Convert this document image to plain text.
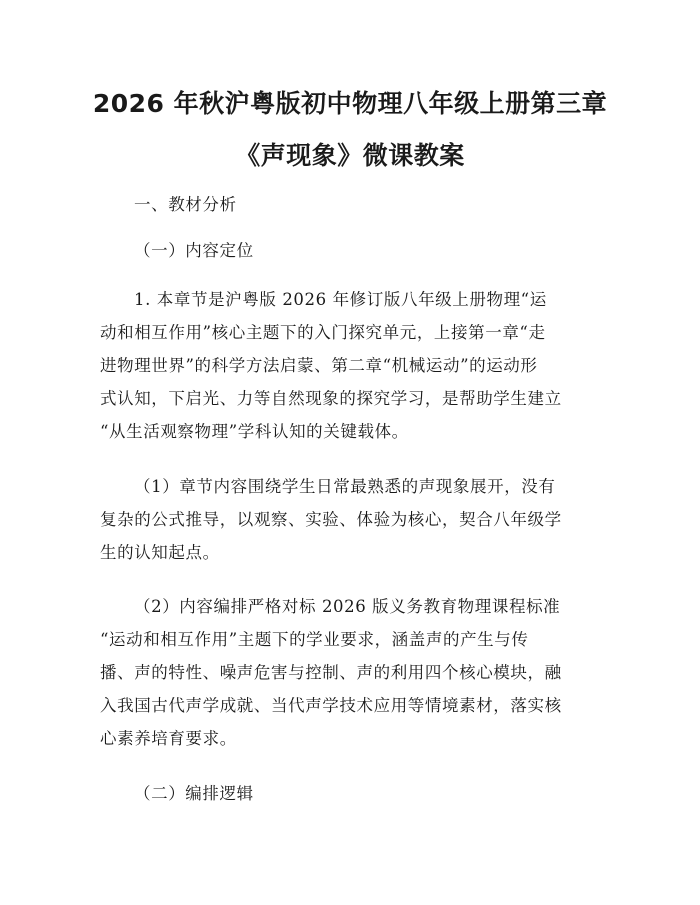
2026 年秋沪粤版初中物理八年级上册第三章
《声现象》微课教案
一、教材分析
（一）内容定位
1. 本章节是沪粤版 2026 年修订版八年级上册物理“运
动和相互作用”核心主题下的入门探究单元，上接第一章“走
进物理世界”的科学方法启蒙、第二章“机械运动”的运动形
式认知，下启光、力等自然现象的探究学习，是帮助学生建立
“从生活观察物理”学科认知的关键载体。
（1）章节内容围绕学生日常最熟悉的声现象展开，没有
复杂的公式推导，以观察、实验、体验为核心，契合八年级学
生的认知起点。
（2）内容编排严格对标 2026 版义务教育物理课程标准
“运动和相互作用”主题下的学业要求，涵盖声的产生与传
播、声的特性、噪声危害与控制、声的利用四个核心模块，融
入我国古代声学成就、当代声学技术应用等情境素材，落实核
心素养培育要求。
（二）编排逻辑
